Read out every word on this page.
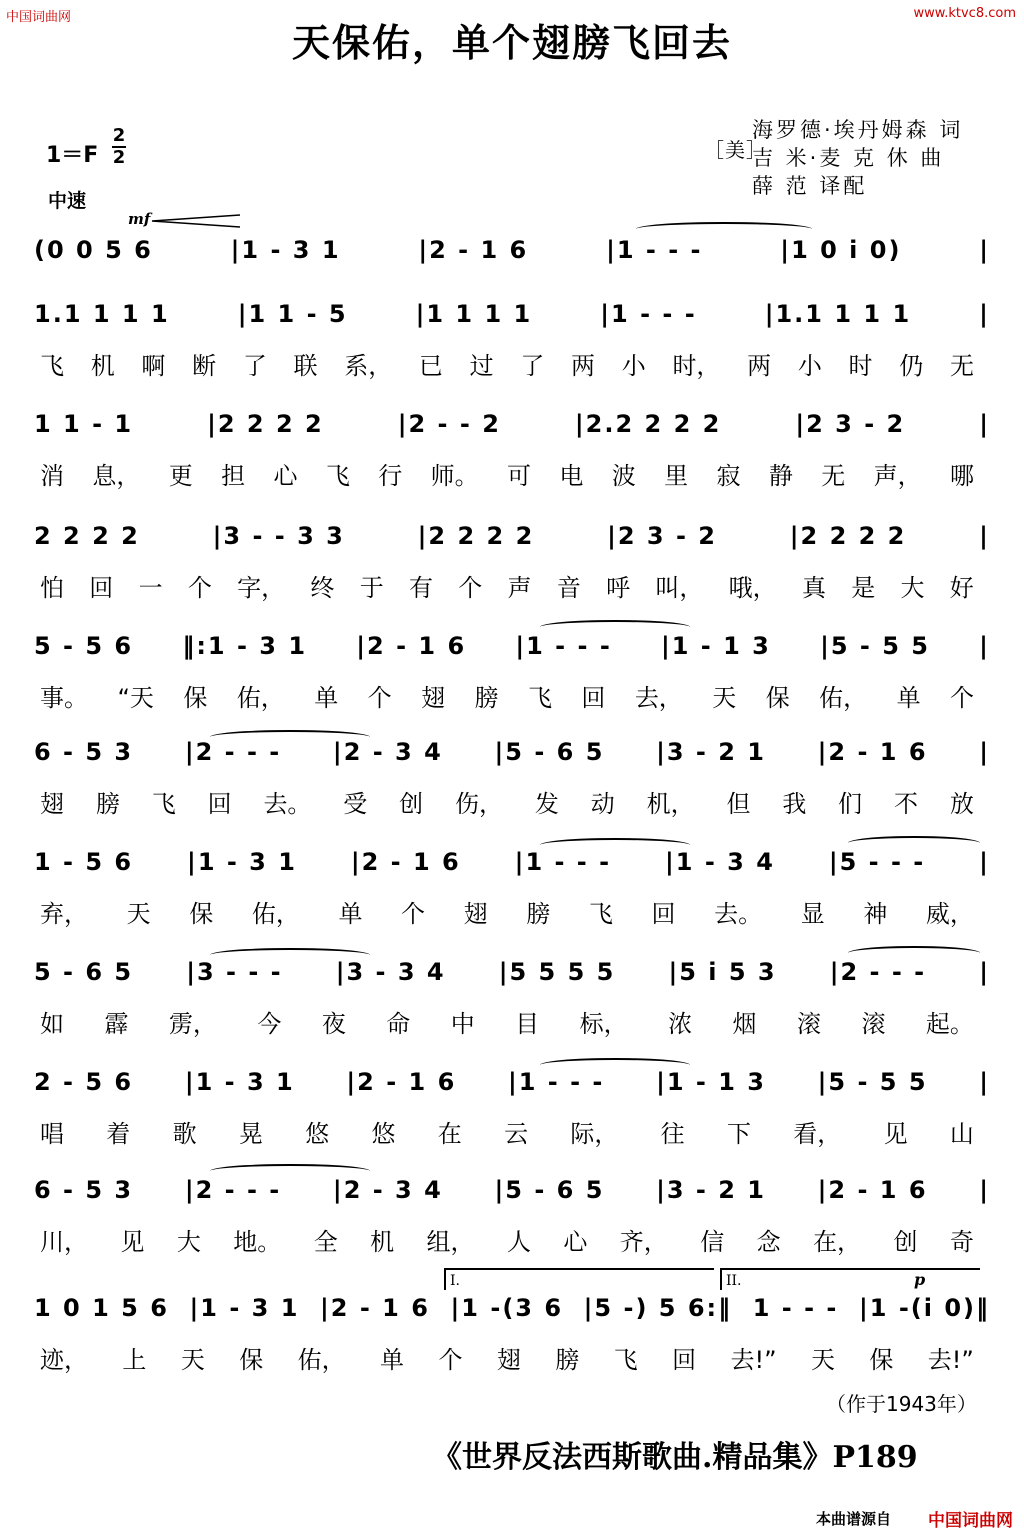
中国词曲网	www.ktvc8.com
天保佑，单个翅膀飞回去
1＝F
2
2
中速
［美］
海罗德·埃丹姆森 词
吉 米·麦 克 休 曲
薛 范 译配
mf
p
(0 0 5 6	|1 - 3 1	|2 - 1 6	|1 - - -	|1 0 i 0)	|
1.1 1 1 1	|1 1 - 5	|1 1 1 1	|1 - - -	|1.1 1 1 1	|
飞 机 啊 断 了 联 系， 已 过 了 两 小 时， 两 小 时 仍 无
1 1 - 1	|2 2 2 2	|2 - - 2	|2.2 2 2 2	|2 3 - 2	|
消 息， 更 担 心 飞 行 师。 可 电 波 里 寂 静 无 声， 哪
2 2 2 2	|3 - - 3 3	|2 2 2 2	|2 3 - 2	|2 2 2 2	|
怕 回 一 个 字， 终 于 有 个 声 音 呼 叫， 哦， 真 是 大 好
5 - 5 6 ‖:1 - 3 1 |2 - 1 6 |1 - - - |1 - 1 3 |5 - 5 5 |
事。 “天 保 佑， 单 个 翅 膀 飞 回 去， 天 保 佑， 单 个
6 - 5 3 |2 - - - |2 - 3 4 |5 - 6 5 |3 - 2 1 |2 - 1 6 |
翅 膀 飞 回 去。 受 创 伤， 发 动 机， 但 我 们 不 放
1 - 5 6 |1 - 3 1 |2 - 1 6 |1 - - - |1 - 3 4 |5 - - - |
弃， 天 保 佑， 单 个 翅 膀 飞 回 去。 显 神 威，
5 - 6 5 |3 - - - |3 - 3 4 |5 5 5 5 |5 i 5 3 |2 - - - |
如 霹 雳， 今 夜 命 中 目 标， 浓 烟 滚 滚 起。
2 - 5 6 |1 - 3 1 |2 - 1 6 |1 - - - |1 - 1 3 |5 - 5 5 |
唱 着 歌 晃 悠 悠 在 云 际， 往 下 看， 见 山
6 - 5 3 |2 - - - |2 - 3 4 |5 - 6 5 |3 - 2 1 |2 - 1 6 |
川， 见 大 地。 全 机 组， 人 心 齐， 信 念 在， 创 奇
1 0 1 5 6 |1 - 3 1 |2 - 1 6 |1 -(3 6 |5 -) 5 6:‖ 1 - - - |1 -(i 0)‖
迹， 上 天 保 佑， 单 个 翅 膀 飞 回 去!” 天 保 去!”
I.	II.
（作于1943年）
《世界反法西斯歌曲.精品集》P189
本曲谱源自 中国词曲网
